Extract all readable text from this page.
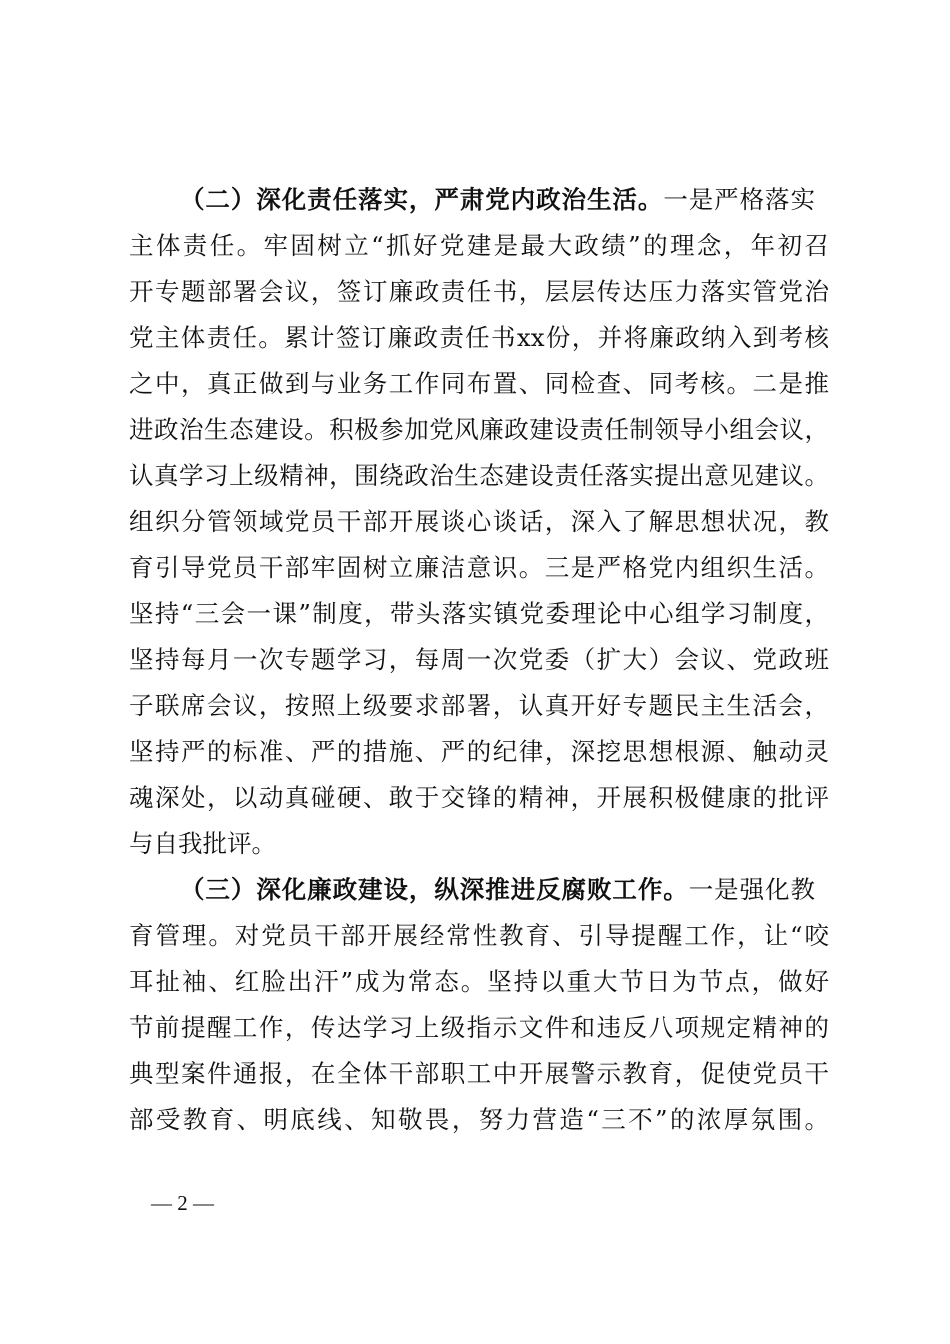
（二）深化责任落实，严肃党内政治生活。一是严格落实
主体责任。牢固树立“抓好党建是最大政绩”的理念，年初召
开专题部署会议，签订廉政责任书，层层传达压力落实管党治
党主体责任。累计签订廉政责任书xx份，并将廉政纳入到考核
之中，真正做到与业务工作同布置、同检查、同考核。二是推
进政治生态建设。积极参加党风廉政建设责任制领导小组会议，
认真学习上级精神，围绕政治生态建设责任落实提出意见建议。
组织分管领域党员干部开展谈心谈话，深入了解思想状况，教
育引导党员干部牢固树立廉洁意识。三是严格党内组织生活。
坚持“三会一课”制度，带头落实镇党委理论中心组学习制度，
坚持每月一次专题学习，每周一次党委（扩大）会议、党政班
子联席会议，按照上级要求部署，认真开好专题民主生活会，
坚持严的标准、严的措施、严的纪律，深挖思想根源、触动灵
魂深处，以动真碰硬、敢于交锋的精神，开展积极健康的批评
与自我批评。
（三）深化廉政建设，纵深推进反腐败工作。一是强化教
育管理。对党员干部开展经常性教育、引导提醒工作，让“咬
耳扯袖、红脸出汗”成为常态。坚持以重大节日为节点，做好
节前提醒工作，传达学习上级指示文件和违反八项规定精神的
典型案件通报，在全体干部职工中开展警示教育，促使党员干
部受教育、明底线、知敬畏，努力营造“三不”的浓厚氛围。
— 2 —
